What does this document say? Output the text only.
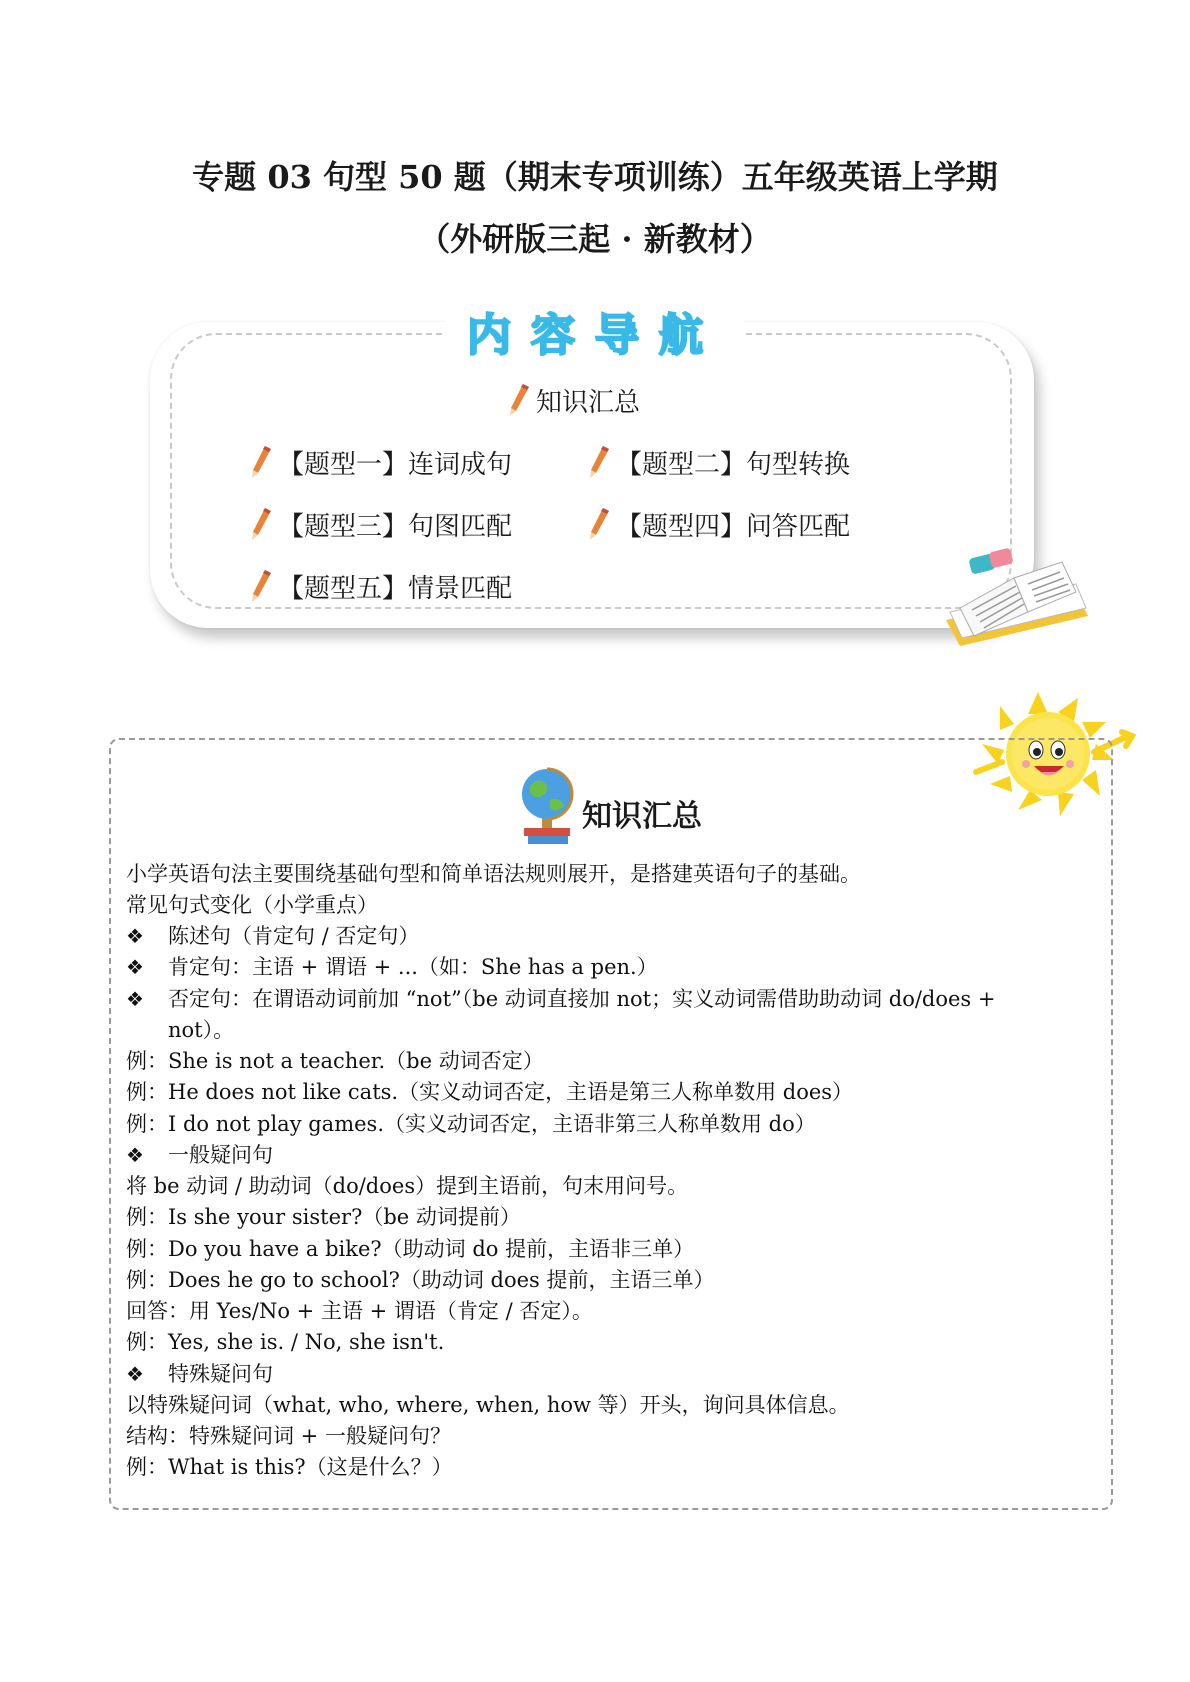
专题 03 句型 50 题（期末专项训练）五年级英语上学期
（外研版三起 · 新教材）
内容导航
知识汇总
【题型一】连词成句	【题型二】句型转换
【题型三】句图匹配	【题型四】问答匹配
【题型五】情景匹配
知识汇总
小学英语句法主要围绕基础句型和简单语法规则展开，是搭建英语句子的基础。
常见句式变化（小学重点）
❖ 陈述句（肯定句 / 否定句）
❖ 肯定句：主语 + 谓语 + ...（如：She has a pen.）
❖ 否定句：在谓语动词前加 “not”（be 动词直接加 not；实义动词需借助助动词 do/does +
not）。
例：She is not a teacher.（be 动词否定）
例：He does not like cats.（实义动词否定，主语是第三人称单数用 does）
例：I do not play games.（实义动词否定，主语非第三人称单数用 do）
❖ 一般疑问句
将 be 动词 / 助动词（do/does）提到主语前，句末用问号。
例：Is she your sister?（be 动词提前）
例：Do you have a bike?（助动词 do 提前，主语非三单）
例：Does he go to school?（助动词 does 提前，主语三单）
回答：用 Yes/No + 主语 + 谓语（肯定 / 否定）。
例：Yes, she is. / No, she isn't.
❖ 特殊疑问句
以特殊疑问词（what, who, where, when, how 等）开头，询问具体信息。
结构：特殊疑问词 + 一般疑问句？
例：What is this?（这是什么？）
